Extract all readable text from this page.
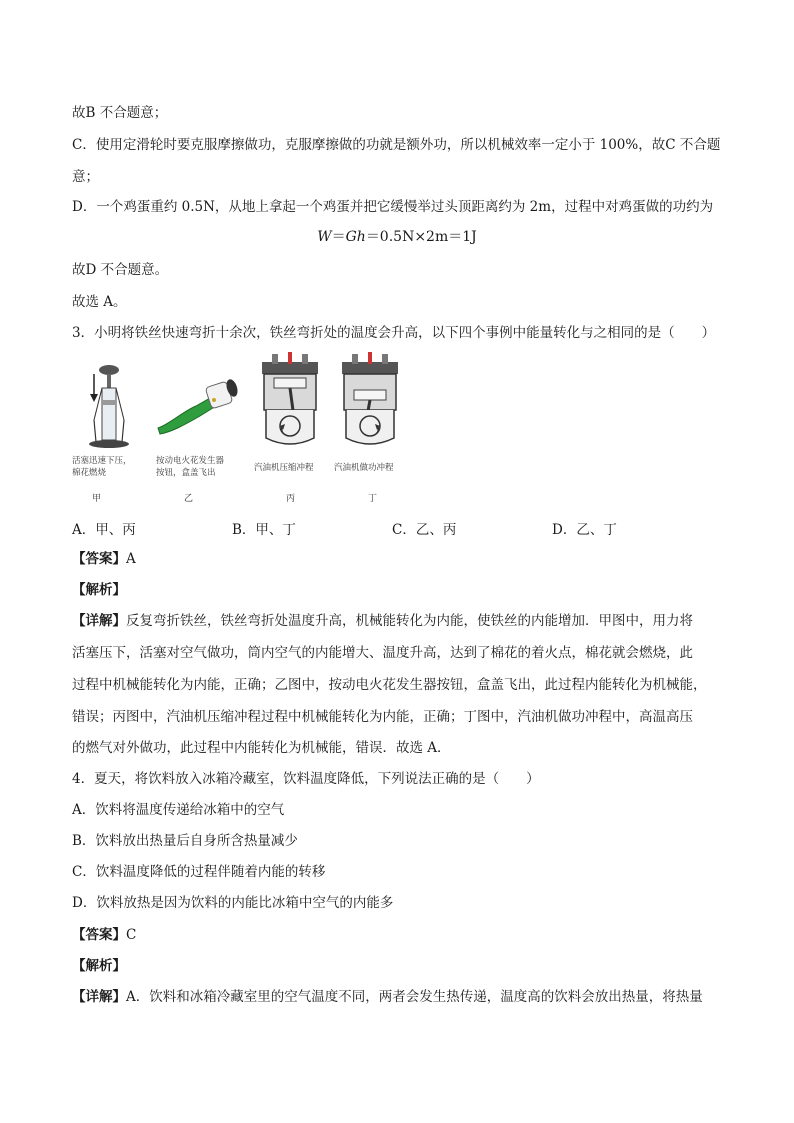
故B 不合题意；
C．使用定滑轮时要克服摩擦做功，克服摩擦做的功就是额外功，所以机械效率一定小于 100%，故C 不合题
意；
D．一个鸡蛋重约 0.5N，从地上拿起一个鸡蛋并把它缓慢举过头顶距离约为 2m，过程中对鸡蛋做的功约为
W＝Gh＝0.5N×2m＝1J
故D 不合题意。
故选 A。
3．小明将铁丝快速弯折十余次，铁丝弯折处的温度会升高，以下四个事例中能量转化与之相同的是（　　）
活塞迅速下压，
棉花燃烧
甲
按动电火花发生器
按钮，盒盖飞出
乙
汽油机压缩冲程
丙
汽油机做功冲程
丁
A．甲、丙	B．甲、丁	C．乙、丙	D．乙、丁
【答案】A
【解析】
【详解】反复弯折铁丝，铁丝弯折处温度升高，机械能转化为内能，使铁丝的内能增加．甲图中，用力将
活塞压下，活塞对空气做功，筒内空气的内能增大、温度升高，达到了棉花的着火点，棉花就会燃烧，此
过程中机械能转化为内能，正确；乙图中，按动电火花发生器按钮，盒盖飞出，此过程内能转化为机械能，
错误；丙图中，汽油机压缩冲程过程中机械能转化为内能，正确；丁图中，汽油机做功冲程中，高温高压
的燃气对外做功，此过程中内能转化为机械能，错误．故选 A．
4．夏天，将饮料放入冰箱冷藏室，饮料温度降低，下列说法正确的是（　　）
A．饮料将温度传递给冰箱中的空气
B．饮料放出热量后自身所含热量减少
C．饮料温度降低的过程伴随着内能的转移
D．饮料放热是因为饮料的内能比冰箱中空气的内能多
【答案】C
【解析】
【详解】A．饮料和冰箱冷藏室里的空气温度不同，两者会发生热传递，温度高的饮料会放出热量，将热量
